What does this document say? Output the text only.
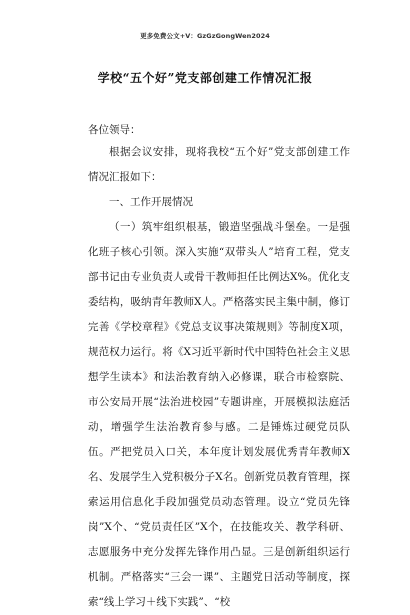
更多免费公文+V：GzGzGongWen2024
学校“五个好”党支部创建工作情况汇报
各位领导：

根据会议安排，现将我校“五个好”党支部创建工作情况汇报如下：

一、工作开展情况

（一）筑牢组织根基，锻造坚强战斗堡垒。一是强化班子核心引领。深入实施“双带头人”培育工程，党支部书记由专业负责人或骨干教师担任比例达X%。优化支委结构，吸纳青年教师X人。严格落实民主集中制，修订完善《学校章程》《党总支议事决策规则》等制度X项，规范权力运行。将《X习近平新时代中国特色社会主义思想学生读本》和法治教育纳入必修课，联合市检察院、市公安局开展“法治进校园”专题讲座，开展模拟法庭活动，增强学生法治教育参与感。二是锤炼过硬党员队伍。严把党员入口关，本年度计划发展优秀青年教师X名、发展学生入党积极分子X名。创新党员教育管理，探索运用信息化手段加强党员动态管理。设立“党员先锋岗”X个、“党员责任区”X个，在技能攻关、教学科研、志愿服务中充分发挥先锋作用凸显。三是创新组织运行机制。严格落实“三会一课”、主题党日活动等制度，探索“线上学习＋线下实践”、“校
